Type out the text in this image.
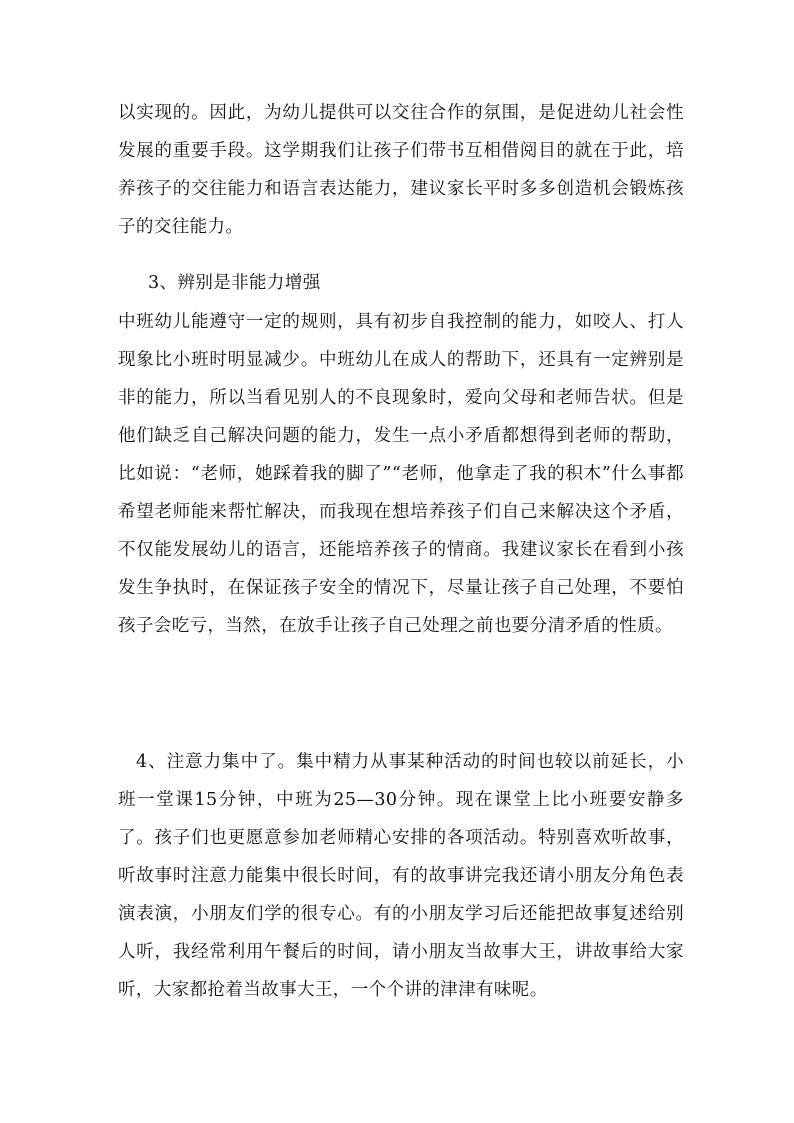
以实现的。因此，为幼儿提供可以交往合作的氛围，是促进幼儿社会性发展的重要手段。这学期我们让孩子们带书互相借阅目的就在于此，培养孩子的交往能力和语言表达能力，建议家长平时多多创造机会锻炼孩子的交往能力。

3、辨别是非能力增强

中班幼儿能遵守一定的规则，具有初步自我控制的能力，如咬人、打人现象比小班时明显减少。中班幼儿在成人的帮助下，还具有一定辨别是非的能力，所以当看见别人的不良现象时，爱向父母和老师告状。但是他们缺乏自己解决问题的能力，发生一点小矛盾都想得到老师的帮助，比如说：“老师，她踩着我的脚了”“老师，他拿走了我的积木”什么事都希望老师能来帮忙解决，而我现在想培养孩子们自己来解决这个矛盾，不仅能发展幼儿的语言，还能培养孩子的情商。我建议家长在看到小孩发生争执时，在保证孩子安全的情况下，尽量让孩子自己处理，不要怕孩子会吃亏，当然，在放手让孩子自己处理之前也要分清矛盾的性质。

4、注意力集中了。集中精力从事某种活动的时间也较以前延长，小班一堂课15分钟，中班为25—30分钟。现在课堂上比小班要安静多了。孩子们也更愿意参加老师精心安排的各项活动。特别喜欢听故事，听故事时注意力能集中很长时间，有的故事讲完我还请小朋友分角色表演表演，小朋友们学的很专心。有的小朋友学习后还能把故事复述给别人听，我经常利用午餐后的时间，请小朋友当故事大王，讲故事给大家听，大家都抢着当故事大王，一个个讲的津津有味呢。
